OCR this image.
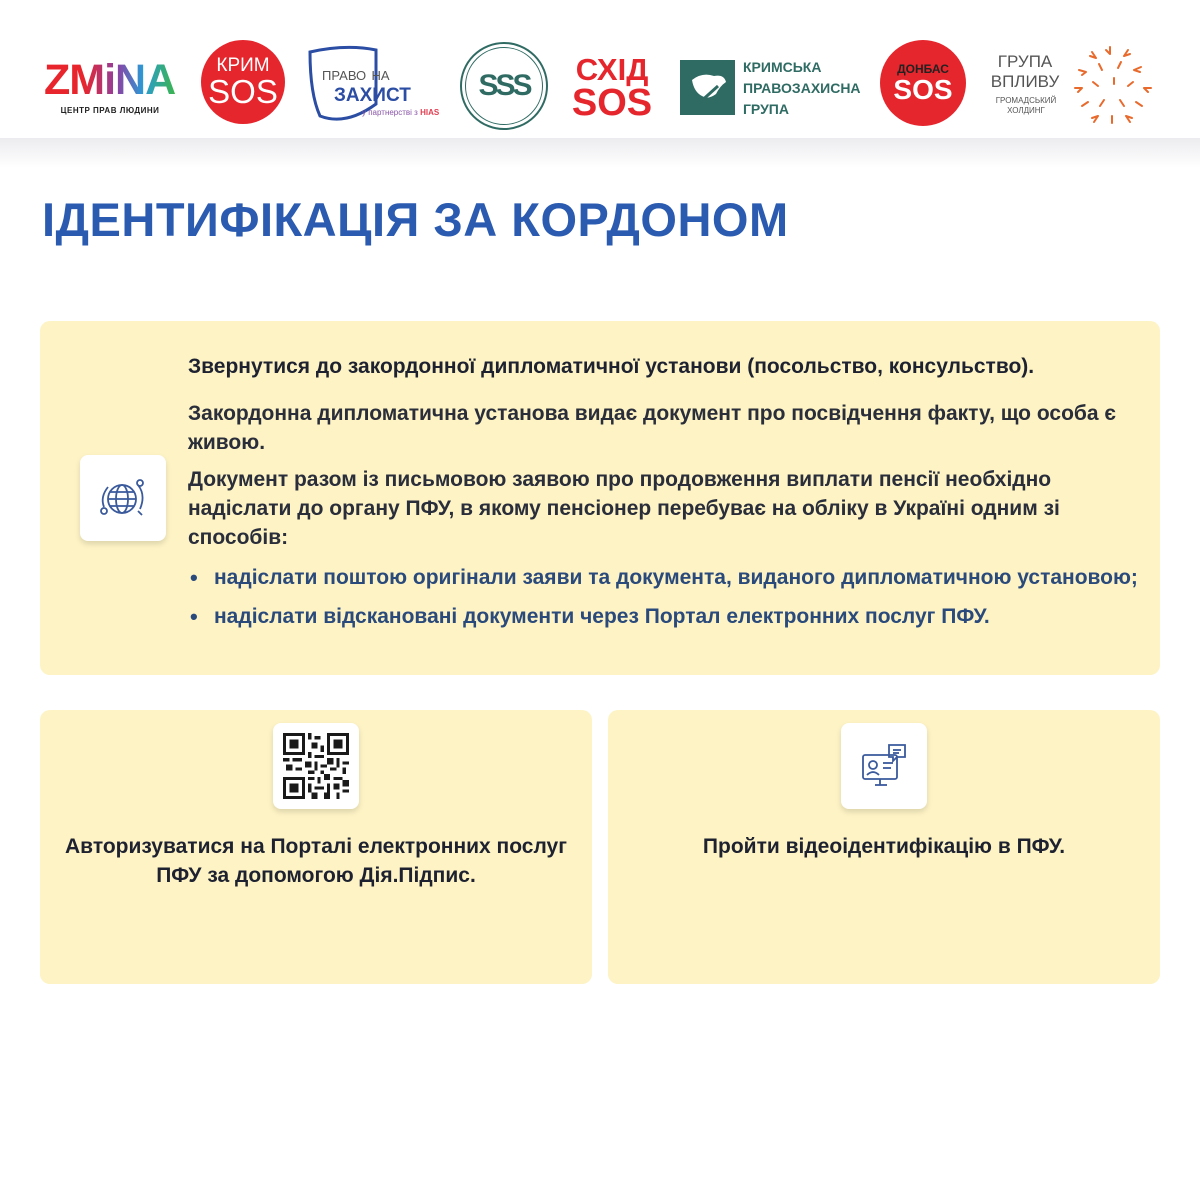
ZMiNA
ЦЕНТР ПРАВ ЛЮДИНИ
КРИМ
SOS	ПРАВО НА
ЗАХИСТ
у партнерстві з HIAS
SSS	СХІД
SOS
КРИМСЬКА
ПРАВОЗАХИСНА
ГРУПА
ДОНБАС
SOS
ГРУПА
ВПЛИВУ
ГРОМАДСЬКИЙ
ХОЛДИНГ
ІДЕНТИФІКАЦІЯ ЗА КОРДОНОМ

Звернутися до закордонної дипломатичної установи (посольство, консульство).

Закордонна дипломатична установа видає документ про посвідчення факту, що особа є живою.

Документ разом із письмовою заявою про продовження виплати пенсії необхідно надіслати до органу ПФУ, в якому пенсіонер перебуває на обліку в Україні одним зі способів:

• надіслати поштою оригінали заяви та документа, виданого дипломатичною установою;
• надіслати відскановані документи через Портал електронних послуг ПФУ.

Авторизуватися на Порталі електронних послуг ПФУ за допомогою Дія.Підпис.

Пройти відеоідентифікацію в ПФУ.
